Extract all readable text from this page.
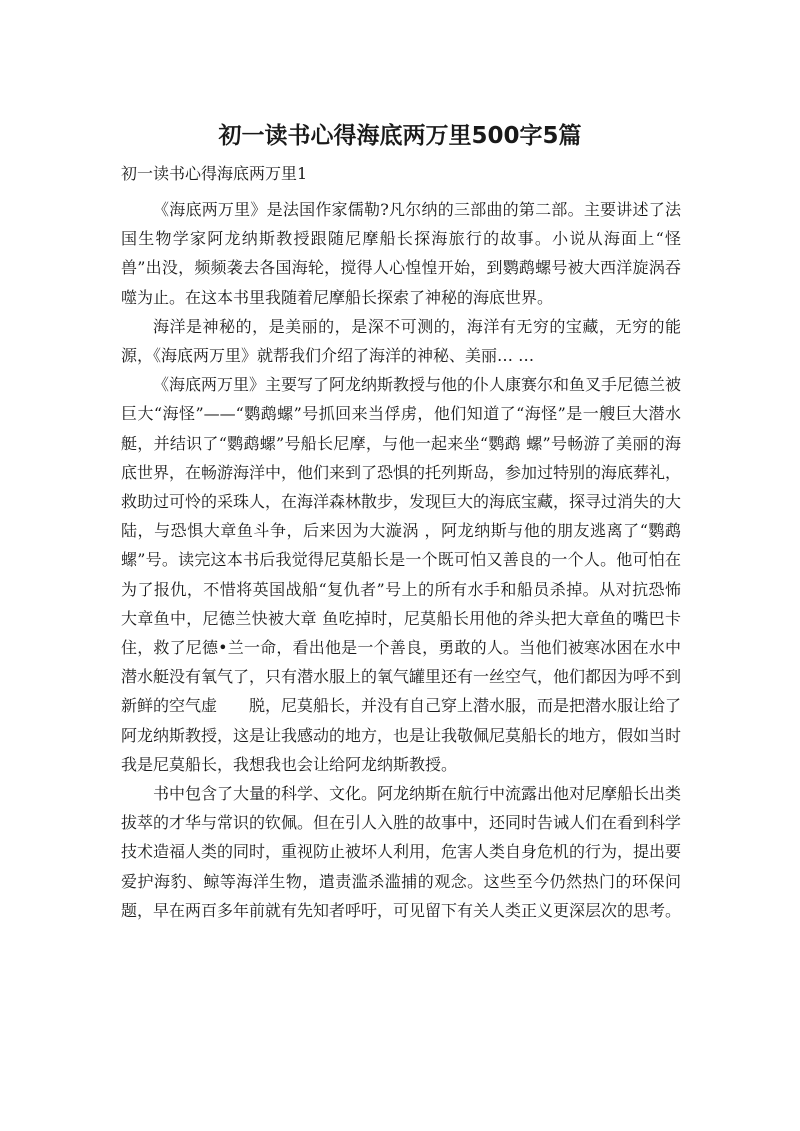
初一读书心得海底两万里500字5篇

初一读书心得海底两万里1

《海底两万里》是法国作家儒勒?凡尔纳的三部曲的第二部。主要讲述了法国生物学家阿龙纳斯教授跟随尼摩船长探海旅行的故事。小说从海面上“怪兽”出没，频频袭去各国海轮，搅得人心惶惶开始，到鹦鹉螺号被大西洋旋涡吞噬为止。在这本书里我随着尼摩船长探索了神秘的海底世界。

海洋是神秘的，是美丽的，是深不可测的，海洋有无穷的宝藏，无穷的能源，《海底两万里》就帮我们介绍了海洋的神秘、美丽… …

《海底两万里》主要写了阿龙纳斯教授与他的仆人康赛尔和鱼叉手尼德兰被巨大“海怪”——“鹦鹉螺”号抓回来当俘虏，他们知道了“海怪”是一艘巨大潜水艇，并结识了“鹦鹉螺”号船长尼摩，与他一起来坐“鹦鹉 螺”号畅游了美丽的海底世界，在畅游海洋中，他们来到了恐惧的托列斯岛，参加过特别的海底葬礼，救助过可怜的采珠人，在海洋森林散步，发现巨大的海底宝藏，探寻过消失的大陆，与恐惧大章鱼斗争，后来因为大漩涡 ，阿龙纳斯与他的朋友逃离了“鹦鹉螺”号。读完这本书后我觉得尼莫船长是一个既可怕又善良的一个人。他可怕在为了报仇，不惜将英国战船“复仇者”号上的所有水手和船员杀掉。从对抗恐怖大章鱼中，尼德兰快被大章 鱼吃掉时，尼莫船长用他的斧头把大章鱼的嘴巴卡住，救了尼德•兰一命，看出他是一个善良，勇敢的人。当他们被寒冰困在水中潜水艇没有氧气了，只有潜水服上的氧气罐里还有一丝空气，他们都因为呼不到新鲜的空气虚　　脱，尼莫船长，并没有自己穿上潜水服，而是把潜水服让给了阿龙纳斯教授，这是让我感动的地方，也是让我敬佩尼莫船长的地方，假如当时我是尼莫船长，我想我也会让给阿龙纳斯教授。

书中包含了大量的科学、文化。阿龙纳斯在航行中流露出他对尼摩船长出类拔萃的才华与常识的钦佩。但在引人入胜的故事中，还同时告诫人们在看到科学技术造福人类的同时，重视防止被坏人利用，危害人类自身危机的行为，提出要爱护海豹、鲸等海洋生物，遣责滥杀滥捕的观念。这些至今仍然热门的环保问题，早在两百多年前就有先知者呼吁，可见留下有关人类正义更深层次的思考。
